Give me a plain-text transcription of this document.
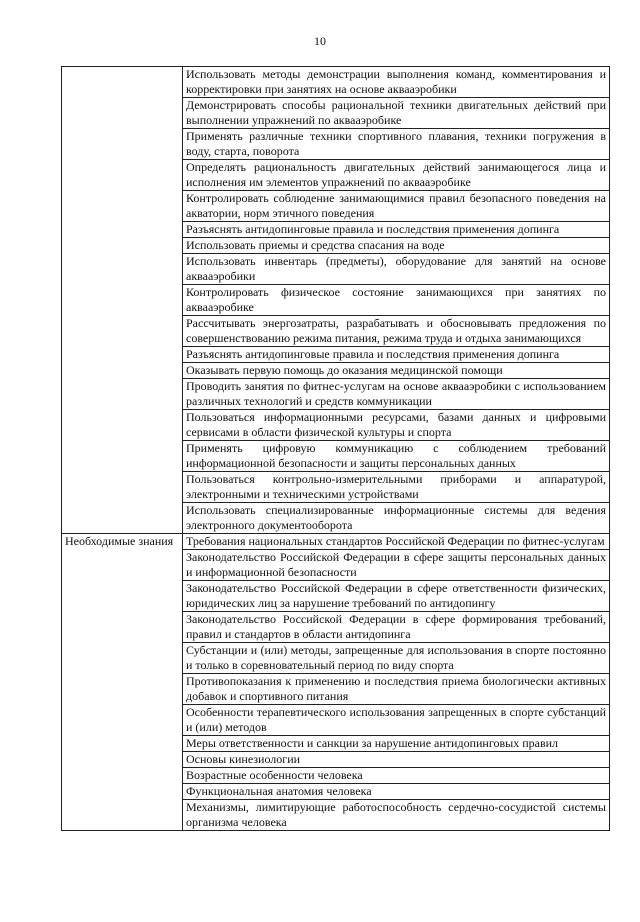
10
	Использовать методы демонстрации выполнения команд, комментирования и корректировки при занятиях на основе аквааэробики
	Демонстрировать способы рациональной техники двигательных действий при выполнении упражнений по аквааэробике
	Применять различные техники спортивного плавания, техники погружения в воду, старта, поворота
	Определять рациональность двигательных действий занимающегося лица и исполнения им элементов упражнений по аквааэробике
	Контролировать соблюдение занимающимися правил безопасного поведения на акватории, норм этичного поведения
	Разъяснять антидопинговые правила и последствия применения допинга
	Использовать приемы и средства спасания на воде
	Использовать инвентарь (предметы), оборудование для занятий на основе аквааэробики
	Контролировать физическое состояние занимающихся при занятиях по аквааэробике
	Рассчитывать энергозатраты, разрабатывать и обосновывать предложения по совершенствованию режима питания, режима труда и отдыха занимающихся
	Разъяснять антидопинговые правила и последствия применения допинга
	Оказывать первую помощь до оказания медицинской помощи
	Проводить занятия по фитнес-услугам на основе аквааэробики с использованием различных технологий и средств коммуникации
	Пользоваться информационными ресурсами, базами данных и цифровыми сервисами в области физической культуры и спорта
	Применять цифровую коммуникацию с соблюдением требований информационной безопасности и защиты персональных данных
	Пользоваться контрольно-измерительными приборами и аппаратурой, электронными и техническими устройствами
	Использовать специализированные информационные системы для ведения электронного документооборота
Необходимые знания	Требования национальных стандартов Российской Федерации по фитнес-услугам
	Законодательство Российской Федерации в сфере защиты персональных данных и информационной безопасности
	Законодательство Российской Федерации в сфере ответственности физических, юридических лиц за нарушение требований по антидопингу
	Законодательство Российской Федерации в сфере формирования требований, правил и стандартов в области антидопинга
	Субстанции и (или) методы, запрещенные для использования в спорте постоянно и только в соревновательный период по виду спорта
	Противопоказания к применению и последствия приема биологически активных добавок и спортивного питания
	Особенности терапевтического использования запрещенных в спорте субстанций и (или) методов
	Меры ответственности и санкции за нарушение антидопинговых правил
	Основы кинезиологии
	Возрастные особенности человека
	Функциональная анатомия человека
	Механизмы, лимитирующие работоспособность сердечно-сосудистой системы организма человека
